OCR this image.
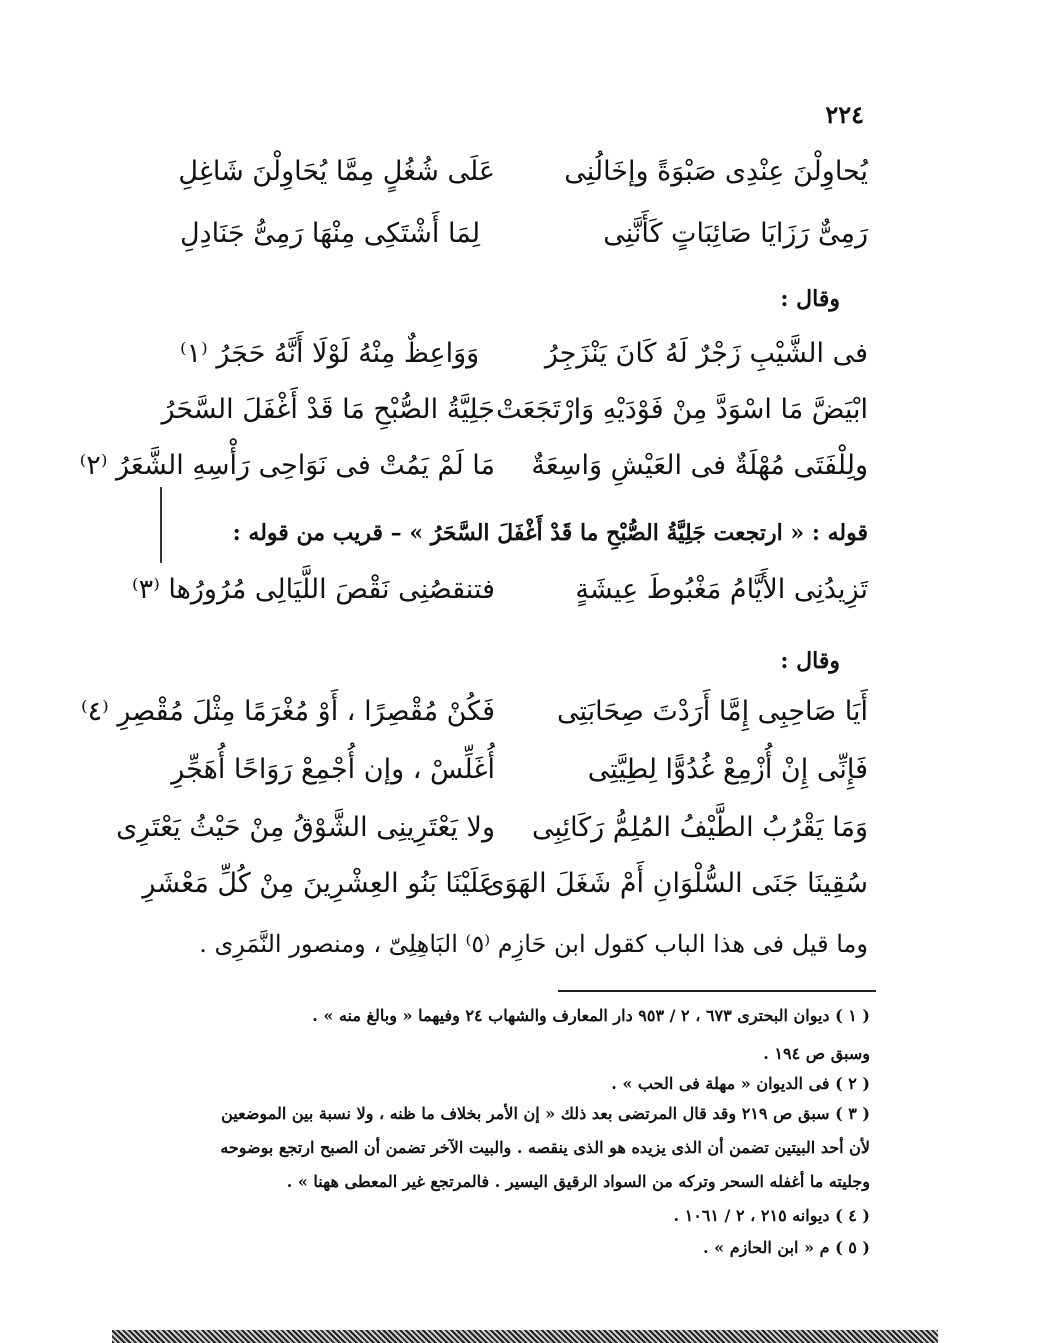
٢٢٤
يُحاوِلْنَ عِنْدِى صَبْوَةً وإخَالُنِى
عَلَى شُغُلٍ مِمَّا يُحَاوِلْنَ شَاغِلِ
رَمِىٌّ رَزَايَا صَائِبَاتٍ كَأَنَّنِى
لِمَا أَشْتَكِى مِنْهَا رَمِىُّ جَنَادِلِ
وقال :
فى الشَّيْبِ زَجْرٌ لَهُ كَانَ يَنْزَجِرُ
وَوَاعِظٌ مِنْهُ لَوْلَا أَنَّهُ حَجَرُ ⁽١⁾
ابْيَضَّ مَا اسْوَدَّ مِنْ فَوْدَيْهِ وَارْتَجَعَتْ
جَلِيَّةُ الصُّبْحِ مَا قَدْ أَغْفَلَ السَّحَرُ
ولِلْفَتَى مُهْلَةٌ فى العَيْشِ وَاسِعَةٌ
مَا لَمْ يَمُتْ فى نَوَاحِى رَأْسِهِ الشَّعَرُ ⁽٢⁾
قوله : « ارتجعت جَلِيَّةُ الصُّبْحِ ما قَدْ أَغْفَلَ السَّحَرُ » – قريب من قوله :
تَزِيدُنِى الأَيَّامُ مَغْبُوطَ عِيشَةٍ
فتنقصُنِى نَقْصَ اللَّيَالِى مُرُورُها ⁽٣⁾
وقال :
أَيَا صَاحِبِى إِمَّا أَرَدْتَ صِحَابَتِى
فَكُنْ مُقْصِرًا ، أَوْ مُغْرَمًا مِثْلَ مُقْصِرِ ⁽٤⁾
فَإِنِّى إِنْ أُزْمِعْ غُدُوًّا لِطِيَّتِى
أُغَلِّسْ ، وإن أُجْمِعْ رَوَاحًا أُهَجِّرِ
وَمَا يَقْرُبُ الطَّيْفُ المُلِمُّ رَكَائِبِى
ولا يَعْتَرِينِى الشَّوْقُ مِنْ حَيْثُ يَعْتَرِى
سُقِينَا جَنَى السُّلْوَانِ أَمْ شَغَلَ الهَوَى
عَلَيْنَا بَنُو العِشْرِينَ مِنْ كُلِّ مَعْشَرِ
وما قيل فى هذا الباب كقول ابن حَازِم ⁽٥⁾ البَاهِلِىّ ، ومنصور النَّمَرِى .
( ١ ) ديوان البحترى ٦٧٣ ، ٢ / ٩٥٣ دار المعارف والشهاب ٢٤ وفيهما « وبالغ منه » .
وسبق ص ١٩٤ .
( ٢ ) فى الديوان « مهلة فى الحب » .
( ٣ ) سبق ص ٢١٩ وقد قال المرتضى بعد ذلك « إن الأمر بخلاف ما ظنه ، ولا نسبة بين الموضعين
لأن أحد البيتين تضمن أن الذى يزيده هو الذى ينقصه . والبيت الآخر تضمن أن الصبح ارتجع بوضوحه
وجليته ما أغفله السحر وتركه من السواد الرقيق اليسير . فالمرتجع غير المعطى ههنا » .
( ٤ ) ديوانه ٢١٥ ، ٢ / ١٠٦١ .
( ٥ ) م « ابن الحازم » .
